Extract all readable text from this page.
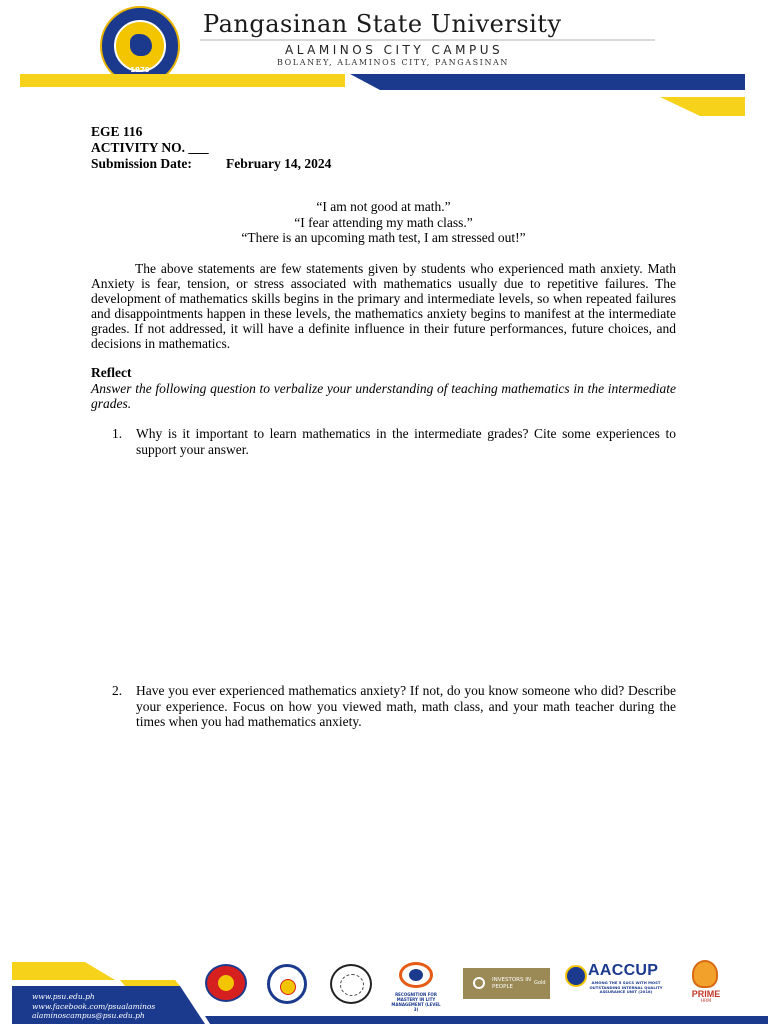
1979
Pangasinan State University
ALAMINOS CITY CAMPUS
BOLANEY, ALAMINOS CITY, PANGASINAN
EGE 116
ACTIVITY NO. ___
Submission Date:	February 14, 2024
“I am not good at math.”
“I fear attending my math class.”
“There is an upcoming math test, I am stressed out!”
The above statements are few statements given by students who experienced math anxiety. Math Anxiety is fear, tension, or stress associated with mathematics usually due to repetitive failures. The development of mathematics skills begins in the primary and intermediate levels, so when repeated failures and disappointments happen in these levels, the mathematics anxiety begins to manifest at the intermediate grades. If not addressed, it will have a definite influence in their future performances, future choices, and decisions in mathematics.
Reflect
Answer the following question to verbalize your understanding of teaching mathematics in the intermediate grades.
1. Why is it important to learn mathematics in the intermediate grades? Cite some experiences to support your answer.
2. Have you ever experienced mathematics anxiety? If not, do you know someone who did? Describe your experience. Focus on how you viewed math, math class, and your math teacher during the times when you had mathematics anxiety.
www.psu.edu.ph
www.facebook.com/psualaminos
alaminoscampus@psu.edu.ph
RECOGNITION FOR MASTERY IN LITY MANAGEMENT (LEVEL 3)
INVESTORS IN PEOPLE
Gold
AACCUP
AMONG THE 5 SUCS WITH MOST OUTSTANDING INTERNAL QUALITY ASSURANCE UNIT (2018)	PRIME
HRM
